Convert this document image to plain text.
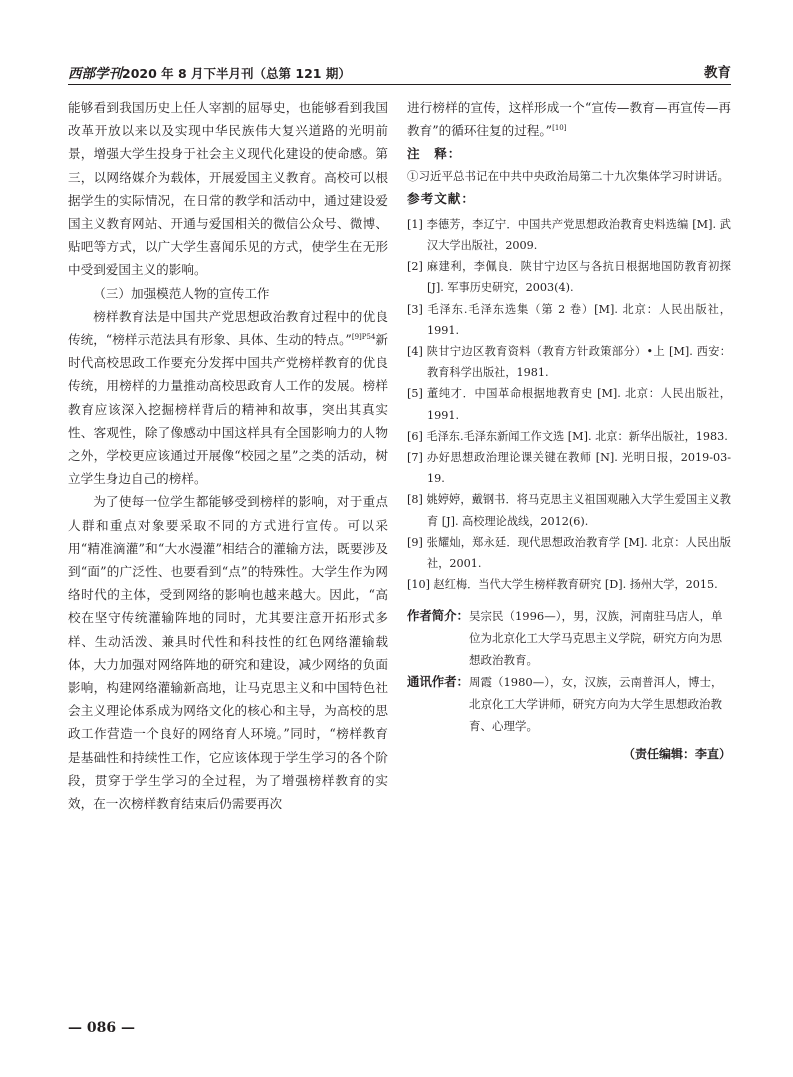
西部学刊2020 年 8 月下半月刊（总第 121 期）	教育

能够看到我国历史上任人宰割的屈辱史，也能够看到我国改革开放以来以及实现中华民族伟大复兴道路的光明前景，增强大学生投身于社会主义现代化建设的使命感。第三，以网络媒介为载体，开展爱国主义教育。高校可以根据学生的实际情况，在日常的教学和活动中，通过建设爱国主义教育网站、开通与爱国相关的微信公众号、微博、贴吧等方式，以广大学生喜闻乐见的方式，使学生在无形中受到爱国主义的影响。

（三）加强模范人物的宣传工作

榜样教育法是中国共产党思想政治教育过程中的优良传统，“榜样示范法具有形象、具体、生动的特点。”$^{[9]P54}$新时代高校思政工作要充分发挥中国共产党榜样教育的优良传统，用榜样的力量推动高校思政育人工作的发展。榜样教育应该深入挖掘榜样背后的精神和故事，突出其真实性、客观性，除了像感动中国这样具有全国影响力的人物之外，学校更应该通过开展像“校园之星”之类的活动，树立学生身边自己的榜样。

为了使每一位学生都能够受到榜样的影响，对于重点人群和重点对象要采取不同的方式进行宣传。可以采用“精准滴灌”和“大水漫灌”相结合的灌输方法，既要涉及到“面”的广泛性、也要看到“点”的特殊性。大学生作为网络时代的主体，受到网络的影响也越来越大。因此，“高校在坚守传统灌输阵地的同时，尤其要注意开拓形式多样、生动活泼、兼具时代性和科技性的红色网络灌输载体，大力加强对网络阵地的研究和建设，减少网络的负面影响，构建网络灌输新高地，让马克思主义和中国特色社会主义理论体系成为网络文化的核心和主导，为高校的思政工作营造一个良好的网络育人环境。”同时，“榜样教育是基础性和持续性工作，它应该体现于学生学习的各个阶段，贯穿于学生学习的全过程，为了增强榜样教育的实效，在一次榜样教育结束后仍需要再次

进行榜样的宣传，这样形成一个“宣传—教育—再宣传—再教育”的循环往复的过程。”[10]

注　释：

①习近平总书记在中共中央政治局第二十九次集体学习时讲话。

参考文献：

[1] 李德芳，李辽宁．中国共产党思想政治教育史料选编 [M]. 武汉大学出版社，2009.
[2] 麻建利，李佩良．陕甘宁边区与各抗日根据地国防教育初探 [J]. 军事历史研究，2003(4).
[3] 毛泽东.毛泽东选集（第 2 卷）[M]. 北京：人民出版社，1991.
[4] 陕甘宁边区教育资料（教育方针政策部分）•上 [M]. 西安：教育科学出版社，1981.
[5] 董纯才．中国革命根据地教育史 [M]. 北京：人民出版社，1991.
[6] 毛泽东.毛泽东新闻工作文选 [M]. 北京：新华出版社，1983.
[7] 办好思想政治理论课关键在教师 [N]. 光明日报，2019-03-19.
[8] 姚婷婷，戴钢书．将马克思主义祖国观融入大学生爱国主义教育 [J]. 高校理论战线，2012(6).
[9] 张耀灿，郑永廷．现代思想政治教育学 [M]. 北京：人民出版社，2001.
[10] 赵红梅．当代大学生榜样教育研究 [D]. 扬州大学，2015.
作者简介： 吴宗民（1996—），男，汉族，河南驻马店人，单位为北京化工大学马克思主义学院，研究方向为思想政治教育。
通讯作者： 周霞（1980—），女，汉族，云南普洱人，博士，北京化工大学讲师，研究方向为大学生思想政治教育、心理学。
（责任编辑：李直）
— 086 —
